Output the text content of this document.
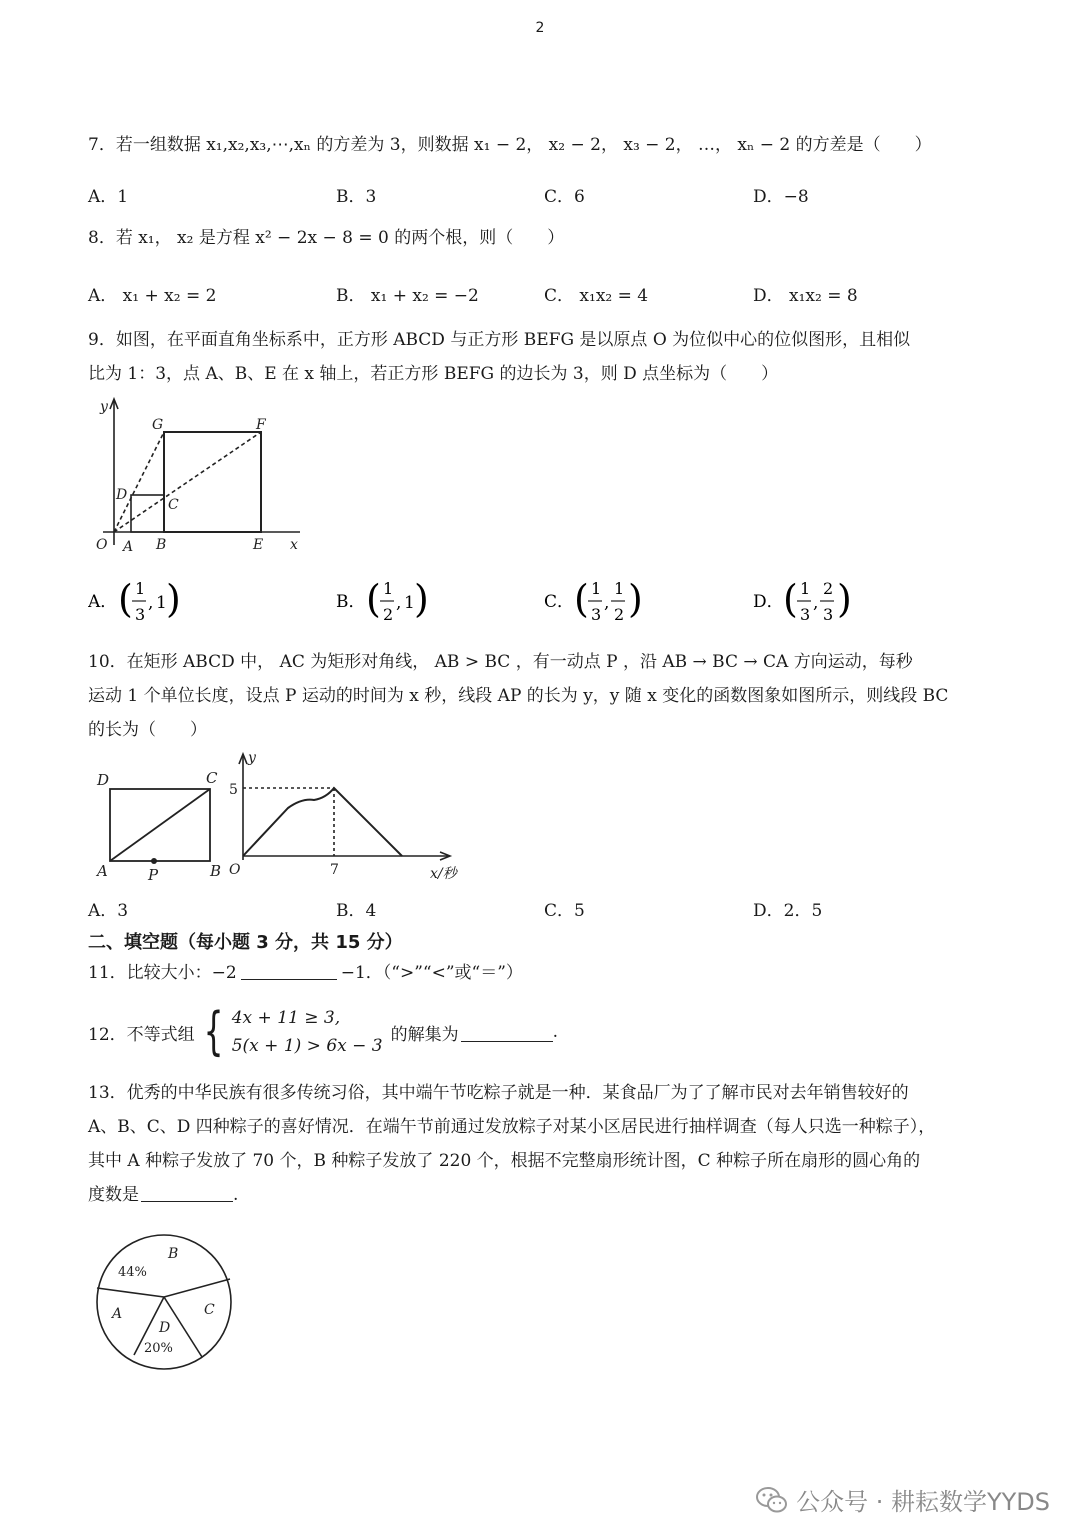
2
7．若一组数据 x₁,x₂,x₃,⋯,xₙ 的方差为 3，则数据 x₁ − 2， x₂ − 2， x₃ − 2， …， xₙ − 2 的方差是（　　）
A．1	B．3	C．6	D．−8
8．若 x₁， x₂ 是方程 x² − 2x − 8 = 0 的两个根，则（　　）
A． x₁ + x₂ = 2	B． x₁ + x₂ = −2	C． x₁x₂ = 4	D． x₁x₂ = 8
9．如图，在平面直角坐标系中，正方形 ABCD 与正方形 BEFG 是以原点 O 为位似中心的位似图形，且相似
比为 1：3，点 A、B、E 在 x 轴上，若正方形 BEFG 的边长为 3，则 D 点坐标为（　　）
y
x
O A B	E
G	F
D
C
A． ( 1
3
, 1 )	B． ( 1
2
, 1 )	C． ( 1
3
,
1
2 )	D． ( 1
3
,
2
3 )
10．在矩形 ABCD 中， AC 为矩形对角线， AB > BC ，有一动点 P ，沿 AB → BC → CA 方向运动，每秒
运动 1 个单位长度，设点 P 运动的时间为 x 秒，线段 AP 的长为 y，y 随 x 变化的函数图象如图所示，则线段 BC
的长为（　　）
D	C
A	P	B
y
5
O	7	x/秒
A．3	B．4	C．5	D．2．5
二、填空题（每小题 3 分，共 15 分）
11．比较大小：−2	−1．（“>”“<”或“＝”）
12．不等式组 { 4x + 11 ≥ 3,
5(x + 1) > 6x − 3
的解集为	.
13．优秀的中华民族有很多传统习俗，其中端午节吃粽子就是一种．某食品厂为了了解市民对去年销售较好的
A、B、C、D 四种粽子的喜好情况．在端午节前通过发放粽子对某小区居民进行抽样调查（每人只选一种粽子），
其中 A 种粽子发放了 70 个，B 种粽子发放了 220 个，根据不完整扇形统计图，C 种粽子所在扇形的圆心角的
度数是	.
B
44%
A	C
D
20%
公众号 · 耕耘数学YYDS
